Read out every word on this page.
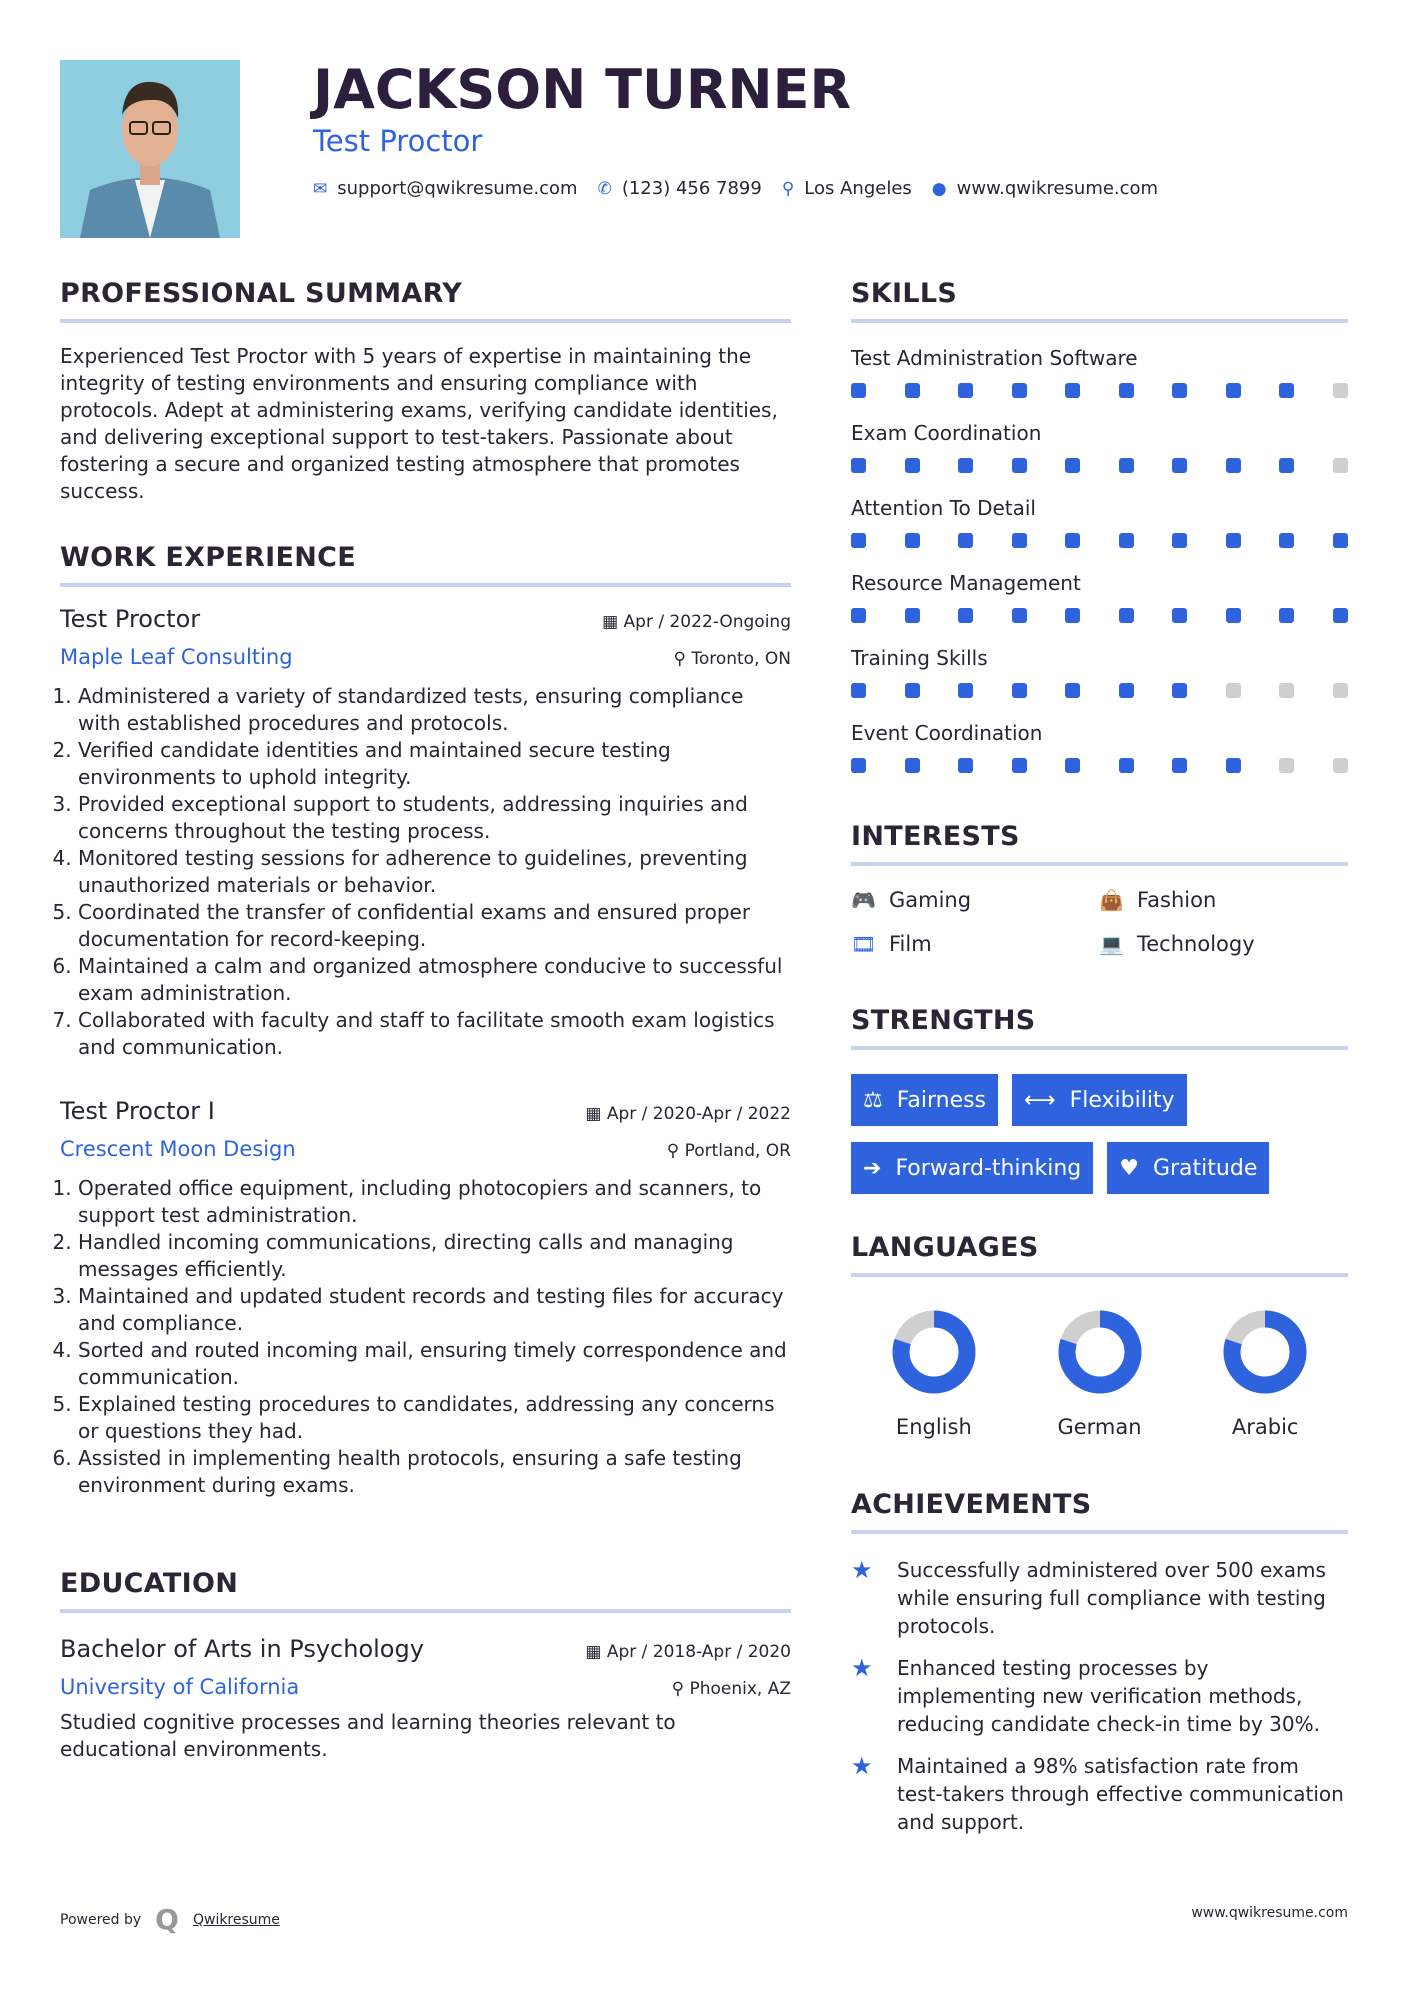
JACKSON TURNER
Test Proctor
✉ support@qwikresume.com ✆ (123) 456 7899 ⚲ Los Angeles ● www.qwikresume.com
PROFESSIONAL SUMMARY

Experienced Test Proctor with 5 years of expertise in maintaining the integrity of testing environments and ensuring compliance with protocols. Adept at administering exams, verifying candidate identities, and delivering exceptional support to test-takers. Passionate about fostering a secure and organized testing atmosphere that promotes success.

WORK EXPERIENCE
Test Proctor	▦ Apr / 2022-Ongoing
Maple Leaf Consulting	⚲ Toronto, ON
1. Administered a variety of standardized tests, ensuring compliance with established procedures and protocols.
2. Verified candidate identities and maintained secure testing environments to uphold integrity.
3. Provided exceptional support to students, addressing inquiries and concerns throughout the testing process.
4. Monitored testing sessions for adherence to guidelines, preventing unauthorized materials or behavior.
5. Coordinated the transfer of confidential exams and ensured proper documentation for record-keeping.
6. Maintained a calm and organized atmosphere conducive to successful exam administration.
7. Collaborated with faculty and staff to facilitate smooth exam logistics and communication.
Test Proctor I	▦ Apr / 2020-Apr / 2022
Crescent Moon Design	⚲ Portland, OR
1. Operated office equipment, including photocopiers and scanners, to support test administration.
2. Handled incoming communications, directing calls and managing messages efficiently.
3. Maintained and updated student records and testing files for accuracy and compliance.
4. Sorted and routed incoming mail, ensuring timely correspondence and communication.
5. Explained testing procedures to candidates, addressing any concerns or questions they had.
6. Assisted in implementing health protocols, ensuring a safe testing environment during exams.
EDUCATION
Bachelor of Arts in Psychology	▦ Apr / 2018-Apr / 2020
University of California	⚲ Phoenix, AZ

Studied cognitive processes and learning theories relevant to educational environments.

SKILLS
Test Administration Software
Exam Coordination
Attention To Detail
Resource Management
Training Skills
Event Coordination
INTERESTS
🎮 Gaming	👜 Fashion
🎞 Film	💻 Technology
STRENGTHS
⚖ Fairness ⟷ Flexibility
➔ Forward-thinking ♥ Gratitude
LANGUAGES
English	German	Arabic
ACHIEVEMENTS
★	Successfully administered over 500 exams while ensuring full compliance with testing protocols.
★	Enhanced testing processes by implementing new verification methods, reducing candidate check-in time by 30%.
★	Maintained a 98% satisfaction rate from test-takers through effective communication and support.
Powered by Q Qwikresume	www.qwikresume.com
